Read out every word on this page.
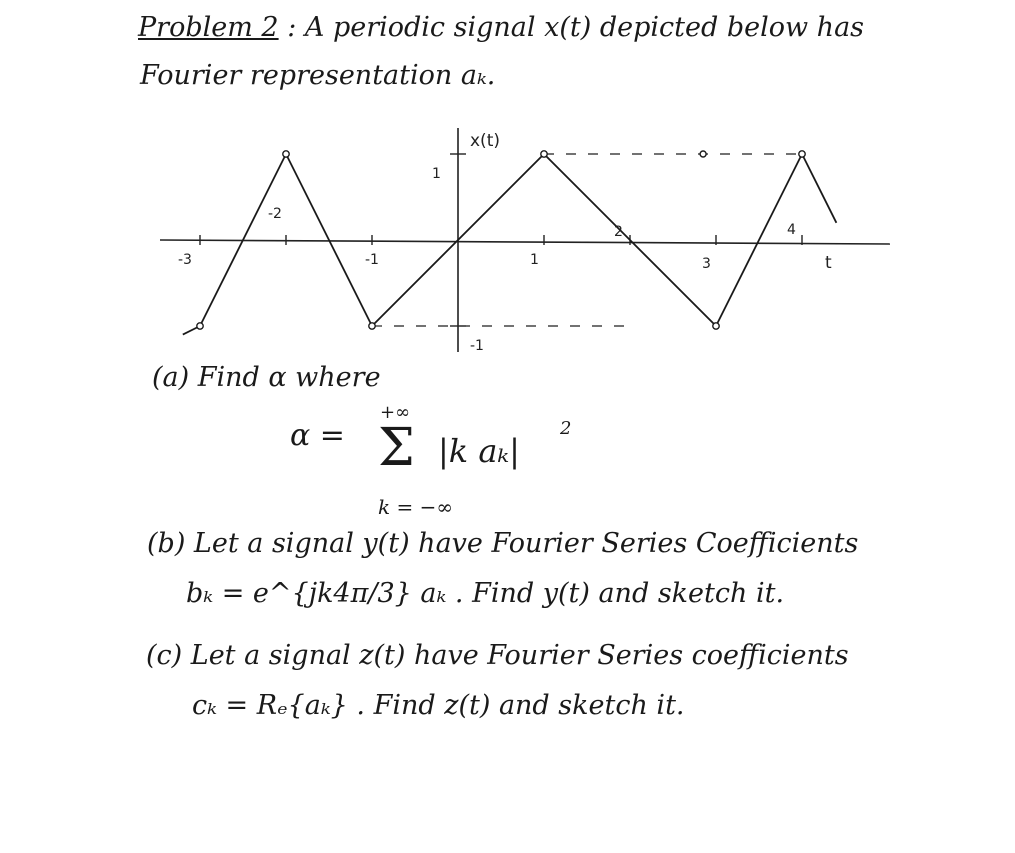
Problem 2 : A periodic signal x(t) depicted below has
Fourier representation aₖ.
x(t)
t
1
-1
-3
-2
-1	1
2
3
4
(a) Find α where
+∞
α = Σ |k aₖ|
2
k = −∞
(b) Let a signal y(t) have Fourier Series Coefficients
bₖ = e^{jk4π/3} aₖ . Find y(t) and sketch it.
(c) Let a signal z(t) have Fourier Series coefficients
cₖ = Rₑ{aₖ} . Find z(t) and sketch it.
